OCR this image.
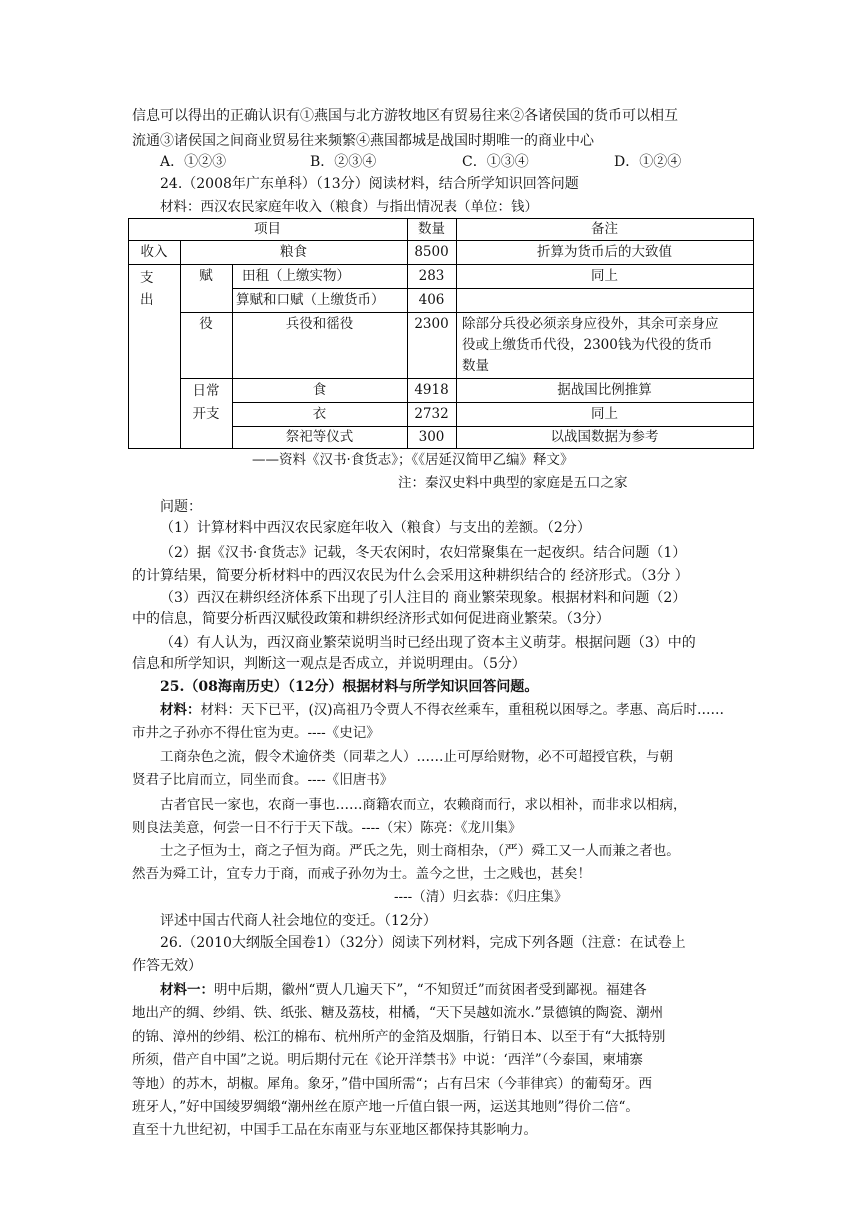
信息可以得出的正确认识有①燕国与北方游牧地区有贸易往来②各诸侯国的货币可以相互
流通③诸侯国之间商业贸易往来频繁④燕国都城是战国时期唯一的商业中心
A．①②③	B．②③④	C．①③④	D．①②④
24.（2008年广东单科）（13分）阅读材料，结合所学知识回答问题
材料：西汉农民家庭年收入（粮食）与指出情况表（单位：钱）
项目	数量	备注
收入	粮食	8500	折算为货币后的大致值
支
出
赋	田租（上缴实物）	283	同上
算赋和口赋（上缴货币）	406
役	兵役和徭役	2300 除部分兵役必须亲身应役外，其余可亲身应
役或上缴货币代役，2300钱为代役的货币
数量
日常
开支
食	4918	据战国比例推算
衣	2732	同上
祭祀等仪式	300	以战国数据为参考
——资料《汉书·食货志》；《《居延汉简甲乙编》释文》
注：秦汉史料中典型的家庭是五口之家
问题：
（1）计算材料中西汉农民家庭年收入（粮食）与支出的差额。（2分）
（2）据《汉书·食货志》记载，冬天农闲时，农妇常聚集在一起夜织。结合问题（1）
的计算结果，简要分析材料中的西汉农民为什么会采用这种耕织结合的 经济形式。（3分 ）
（3）西汉在耕织经济体系下出现了引人注目的 商业繁荣现象。根据材料和问题（2）
中的信息，简要分析西汉赋役政策和耕织经济形式如何促进商业繁荣。（3分）
（4）有人认为，西汉商业繁荣说明当时已经出现了资本主义萌芽。根据问题（3）中的
信息和所学知识，判断这一观点是否成立，并说明理由。（5分）
25.（08海南历史）（12分）根据材料与所学知识回答问题。
材料：材料：天下已平，(汉)高祖乃令贾人不得衣丝乘车，重租税以困辱之。孝惠、高后时……
市井之子孙亦不得仕宦为吏。----《史记》
工商杂色之流，假令术逾侪类（同辈之人）……止可厚给财物，必不可超授官秩，与朝
贤君子比肩而立，同坐而食。----《旧唐书》
古者官民一家也，农商一事也……商籍农而立，农赖商而行，求以相补，而非求以相病，
则良法美意，何尝一日不行于天下哉。----（宋）陈亮：《龙川集》
士之子恒为士，商之子恒为商。严氏之先，则士商相杂，（严）舜工又一人而兼之者也。
然吾为舜工计，宜专力于商，而戒子孙勿为士。盖今之世，士之贱也，甚矣！
----（清）归玄恭：《归庄集》
评述中国古代商人社会地位的变迁。（12分）
26.（2010大纲版全国卷1）（32分）阅读下列材料，完成下列各题（注意：在试卷上
作答无效）
材料一：明中后期，徽州“贾人几遍天下”，“不知贸迁”而贫困者受到鄙视。福建各
地出产的绸、纱绢、铁、纸张、糖及荔枝，柑橘，“天下吴越如流水.”景德镇的陶瓷、潮州
的锦、漳州的纱绢、松江的棉布、杭州所产的金箔及烟脂，行销日本、以至于有“大抵特别
所须，借产自中国”之说。明后期付元在《论开洋禁书》中说：‘西洋”（今泰国，柬埔寨
等地）的苏木，胡椒。犀角。象牙，”借中国所需“；占有吕宋（今菲律宾）的葡萄牙。西
班牙人，”好中国绫罗绸缎“潮州丝在原产地一斤值白银一两，运送其地则”得价二倍“。
直至十九世纪初，中国手工品在东南亚与东亚地区都保持其影响力。
